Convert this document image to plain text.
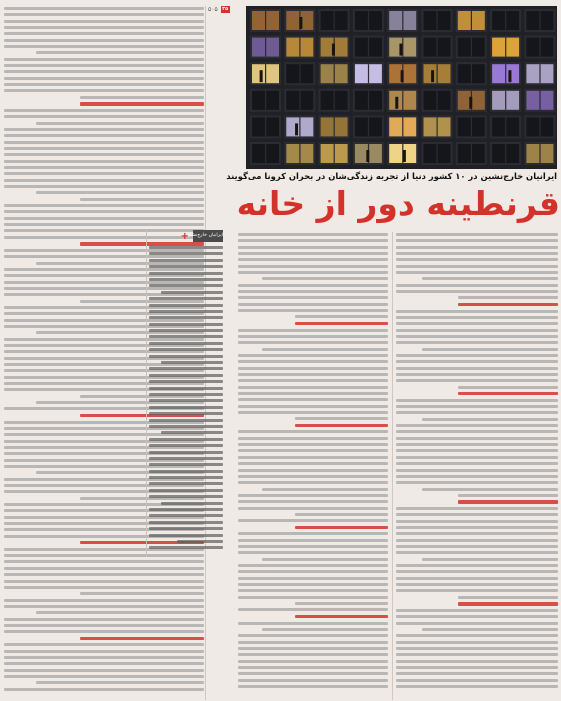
۵۰۵ ۳۵
ایرانیان خارج‌نشین در ۱۰ کشور دنیا از تجربه زندگی‌شان در بحران کرونا می‌گویند
قرنطینه دور از خانه
ایرانیان خارج‌نشین
+
